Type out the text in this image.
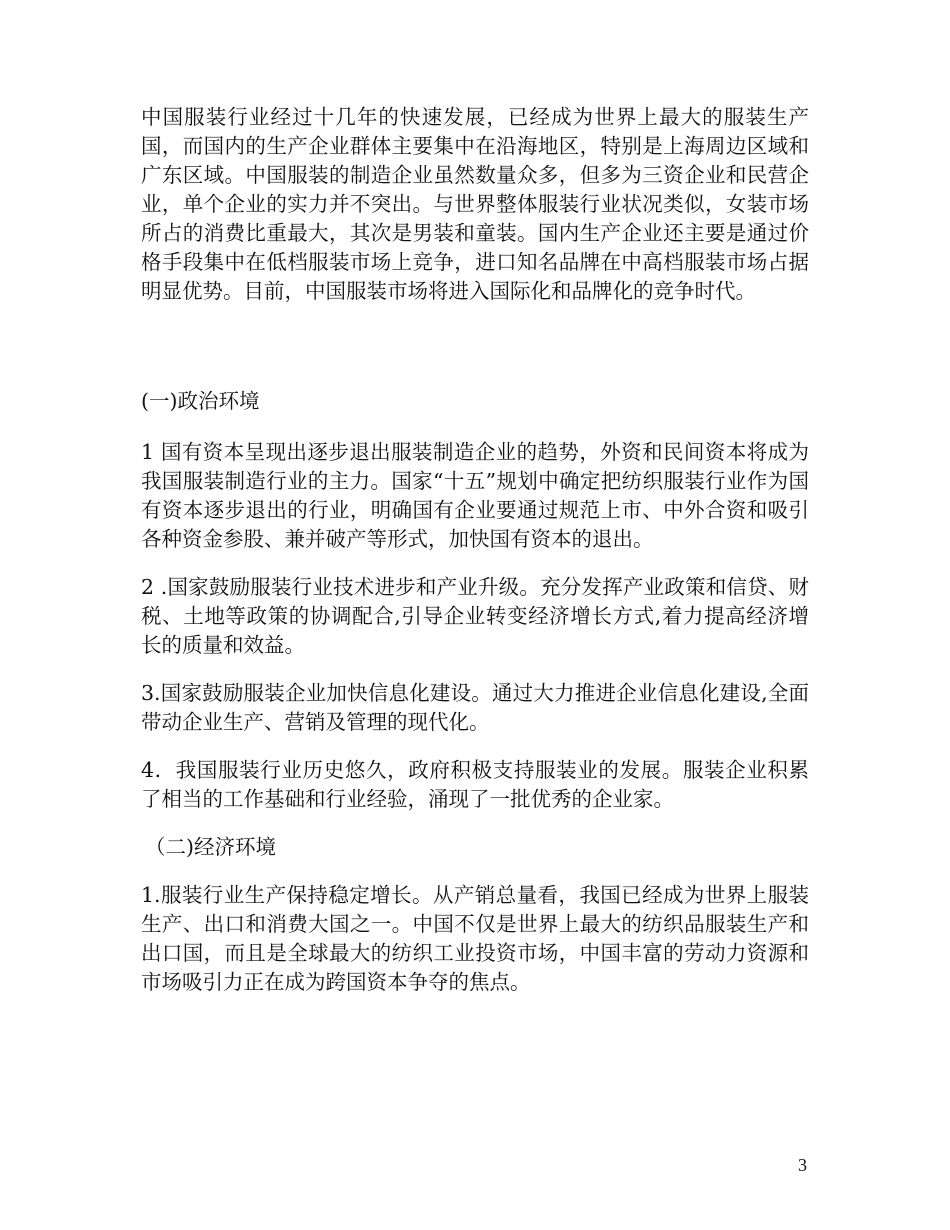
中国服装行业经过十几年的快速发展，已经成为世界上最大的服装生产国，而国内的生产企业群体主要集中在沿海地区，特别是上海周边区域和广东区域。中国服装的制造企业虽然数量众多，但多为三资企业和民营企业，单个企业的实力并不突出。与世界整体服装行业状况类似，女装市场所占的消费比重最大，其次是男装和童装。国内生产企业还主要是通过价格手段集中在低档服装市场上竞争，进口知名品牌在中高档服装市场占据明显优势。目前，中国服装市场将进入国际化和品牌化的竞争时代。

(一)政治环境

1 国有资本呈现出逐步退出服装制造企业的趋势，外资和民间资本将成为我国服装制造行业的主力。国家“十五”规划中确定把纺织服装行业作为国有资本逐步退出的行业，明确国有企业要通过规范上市、中外合资和吸引各种资金参股、兼并破产等形式，加快国有资本的退出。

2 .国家鼓励服装行业技术进步和产业升级。充分发挥产业政策和信贷、财税、土地等政策的协调配合,引导企业转变经济增长方式,着力提高经济增长的质量和效益。

3.国家鼓励服装企业加快信息化建设。通过大力推进企业信息化建设,全面带动企业生产、营销及管理的现代化。

4．我国服装行业历史悠久，政府积极支持服装业的发展。服装企业积累了相当的工作基础和行业经验，涌现了一批优秀的企业家。

（二)经济环境

1.服装行业生产保持稳定增长。从产销总量看，我国已经成为世界上服装生产、出口和消费大国之一。中国不仅是世界上最大的纺织品服装生产和出口国，而且是全球最大的纺织工业投资市场，中国丰富的劳动力资源和市场吸引力正在成为跨国资本争夺的焦点。

3
